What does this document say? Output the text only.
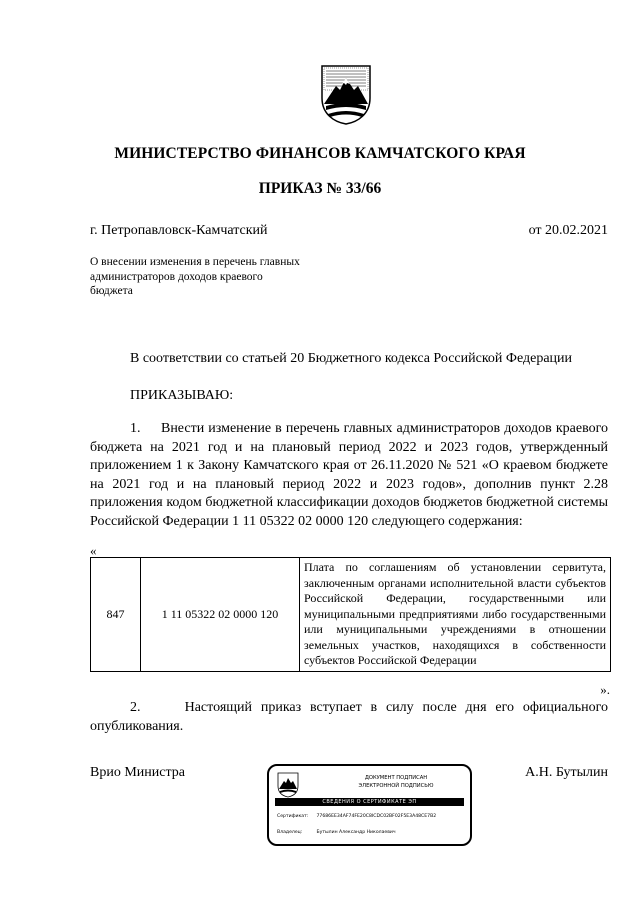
МИНИСТЕРСТВО ФИНАНСОВ КАМЧАТСКОГО КРАЯ
ПРИКАЗ № 33/66
г. Петропавловск-Камчатский	от 20.02.2021
О внесении изменения в перечень главных администраторов доходов краевого бюджета
В соответствии со статьей 20 Бюджетного кодекса Российской Федерации
ПРИКАЗЫВАЮ:
1.     Внести изменение в перечень главных администраторов доходов краевого бюджета на 2021 год и на плановый период 2022 и 2023 годов, утвержденный приложением 1 к Закону Камчатского края от 26.11.2020 № 521 «О краевом бюджете на 2021 год и на плановый период 2022 и 2023 годов», дополнив пункт 2.28 приложения кодом бюджетной классификации доходов бюджетов бюджетной системы Российской Федерации 1 11 05322 02 0000 120 следующего содержания:
«
847	1 11 05322 02 0000 120	Плата по соглашениям об установлении сервитута, заключенным органами исполнительной власти субъектов Российской Федерации, государственными или муниципальными предприятиями либо государственными или муниципальными учреждениями в отношении земельных участков, находящихся в собственности субъектов Российской Федерации
».
2.     Настоящий приказ вступает в силу после дня его официального опубликования.
Врио Министра	А.Н. Бутылин
ДОКУМЕНТ ПОДПИСАН
ЭЛЕКТРОННОЙ ПОДПИСЬЮ
СВЕДЕНИЯ О СЕРТИФИКАТЕ ЭП
Сертификат: 77686EE34AF74FE20C8ICDC02BF02F5E3A48CE7B2
Владелец:	Бутылин Александр Николаевич
